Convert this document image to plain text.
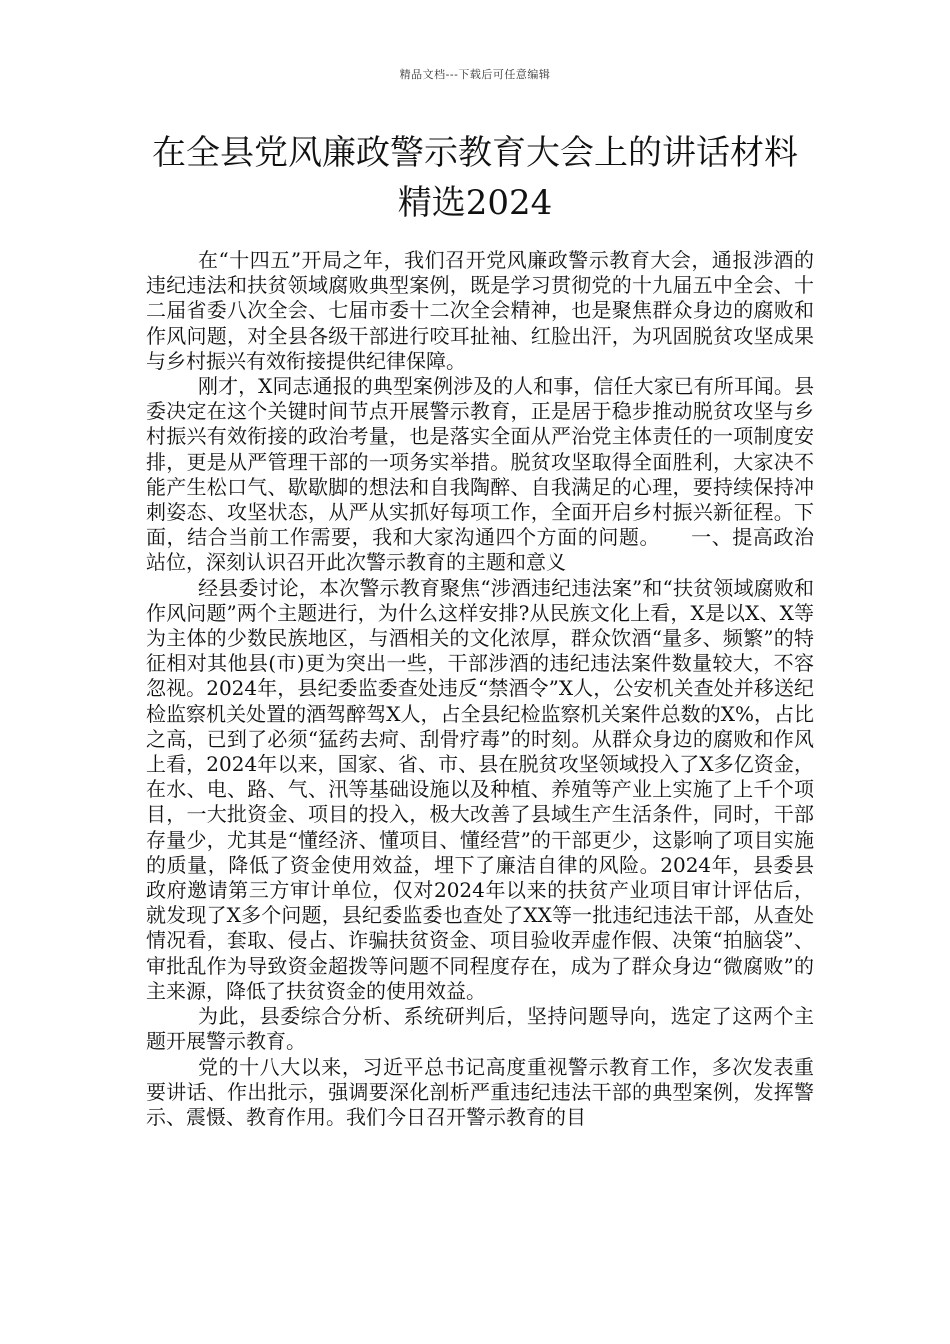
精品文档---下载后可任意编辑
在全县党风廉政警示教育大会上的讲话材料精选2024

在“十四五”开局之年，我们召开党风廉政警示教育大会，通报涉酒的违纪违法和扶贫领域腐败典型案例，既是学习贯彻党的十九届五中全会、十二届省委八次全会、七届市委十二次全会精神，也是聚焦群众身边的腐败和作风问题，对全县各级干部进行咬耳扯袖、红脸出汗，为巩固脱贫攻坚成果与乡村振兴有效衔接提供纪律保障。

刚才，X同志通报的典型案例涉及的人和事，信任大家已有所耳闻。县委决定在这个关键时间节点开展警示教育，正是居于稳步推动脱贫攻坚与乡村振兴有效衔接的政治考量，也是落实全面从严治党主体责任的一项制度安排，更是从严管理干部的一项务实举措。脱贫攻坚取得全面胜利，大家决不能产生松口气、歇歇脚的想法和自我陶醉、自我满足的心理，要持续保持冲刺姿态、攻坚状态，从严从实抓好每项工作，全面开启乡村振兴新征程。下面，结合当前工作需要，我和大家沟通四个方面的问题。　　一、提高政治站位，深刻认识召开此次警示教育的主题和意义

经县委讨论，本次警示教育聚焦“涉酒违纪违法案”和“扶贫领域腐败和作风问题”两个主题进行，为什么这样安排?从民族文化上看，X是以X、X等为主体的少数民族地区，与酒相关的文化浓厚，群众饮酒“量多、频繁”的特征相对其他县(市)更为突出一些，干部涉酒的违纪违法案件数量较大，不容忽视。2024年，县纪委监委查处违反“禁酒令”X人，公安机关查处并移送纪检监察机关处置的酒驾醉驾X人，占全县纪检监察机关案件总数的X%，占比之高，已到了必须“猛药去疴、刮骨疗毒”的时刻。从群众身边的腐败和作风上看，2024年以来，国家、省、市、县在脱贫攻坚领域投入了X多亿资金，在水、电、路、气、汛等基础设施以及种植、养殖等产业上实施了上千个项目，一大批资金、项目的投入，极大改善了县域生产生活条件，同时，干部存量少，尤其是“懂经济、懂项目、懂经营”的干部更少，这影响了项目实施的质量，降低了资金使用效益，埋下了廉洁自律的风险。2024年，县委县政府邀请第三方审计单位，仅对2024年以来的扶贫产业项目审计评估后，就发现了X多个问题，县纪委监委也查处了XX等一批违纪违法干部，从查处情况看，套取、侵占、诈骗扶贫资金、项目验收弄虚作假、决策“拍脑袋”、审批乱作为导致资金超拨等问题不同程度存在，成为了群众身边“微腐败”的主来源，降低了扶贫资金的使用效益。

为此，县委综合分析、系统研判后，坚持问题导向，选定了这两个主题开展警示教育。

党的十八大以来，习近平总书记高度重视警示教育工作，多次发表重要讲话、作出批示，强调要深化剖析严重违纪违法干部的典型案例，发挥警示、震慑、教育作用。我们今日召开警示教育的目
